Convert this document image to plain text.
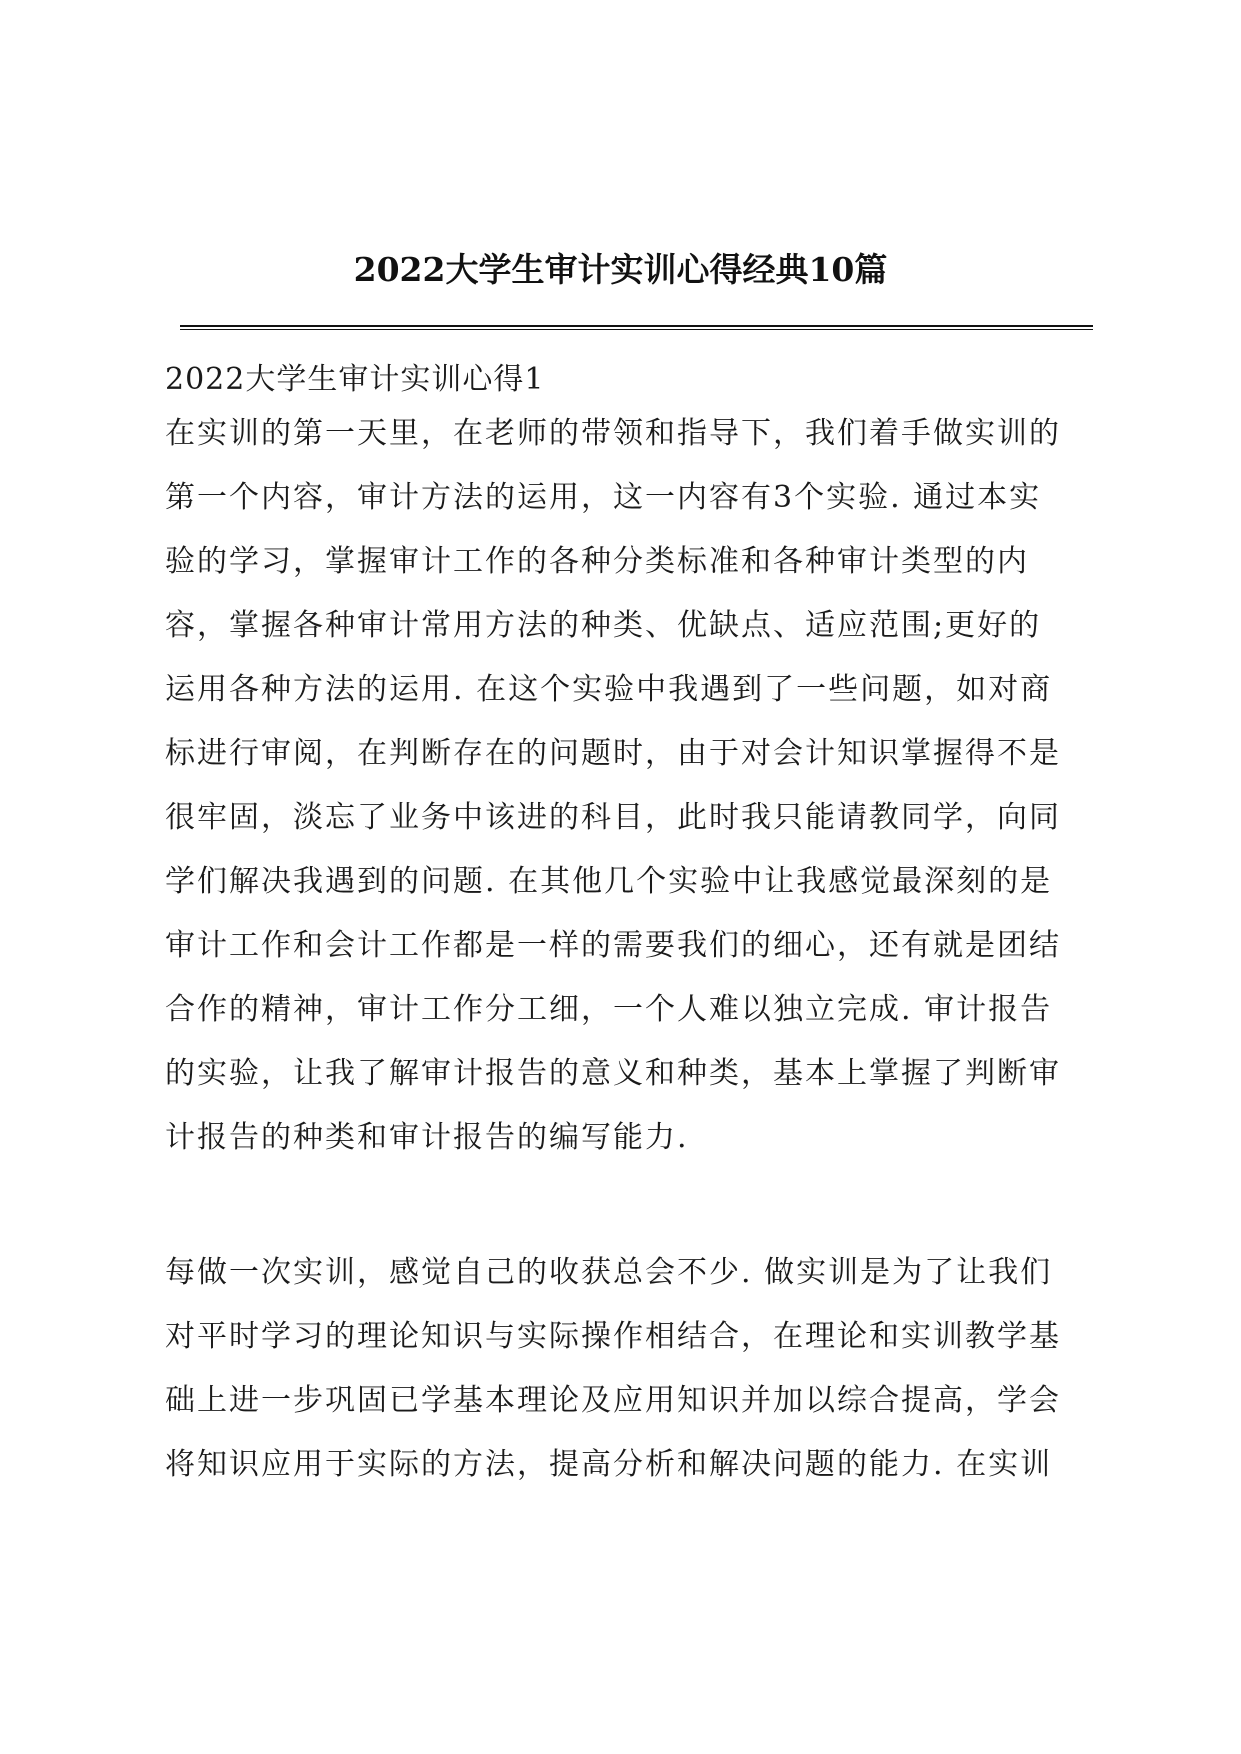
2022大学生审计实训心得经典10篇
2022大学生审计实训心得1
在实训的第一天里，在老师的带领和指导下，我们着手做实训的
第一个内容，审计方法的运用，这一内容有3个实验. 通过本实
验的学习，掌握审计工作的各种分类标准和各种审计类型的内
容，掌握各种审计常用方法的种类、优缺点、适应范围;更好的
运用各种方法的运用. 在这个实验中我遇到了一些问题，如对商
标进行审阅，在判断存在的问题时，由于对会计知识掌握得不是
很牢固，淡忘了业务中该进的科目，此时我只能请教同学，向同
学们解决我遇到的问题. 在其他几个实验中让我感觉最深刻的是
审计工作和会计工作都是一样的需要我们的细心，还有就是团结
合作的精神，审计工作分工细，一个人难以独立完成. 审计报告
的实验，让我了解审计报告的意义和种类，基本上掌握了判断审
计报告的种类和审计报告的编写能力.
每做一次实训，感觉自己的收获总会不少. 做实训是为了让我们
对平时学习的理论知识与实际操作相结合，在理论和实训教学基
础上进一步巩固已学基本理论及应用知识并加以综合提高，学会
将知识应用于实际的方法，提高分析和解决问题的能力. 在实训
